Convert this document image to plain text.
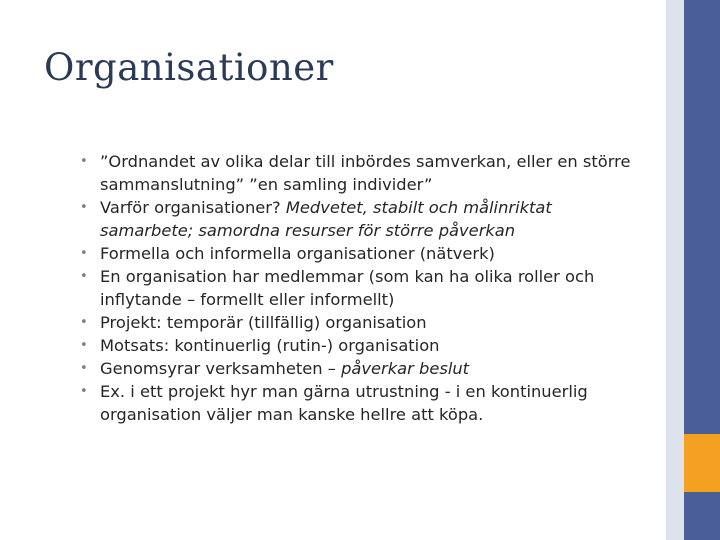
Organisationer
• ”Ordnandet av olika delar till inbördes samverkan, eller en större sammanslutning” ”en samling individer”
• Varför organisationer? Medvetet, stabilt och målinriktat samarbete; samordna resurser för större påverkan
• Formella och informella organisationer (nätverk)
• En organisation har medlemmar (som kan ha olika roller och inflytande – formellt eller informellt)
• Projekt: temporär (tillfällig) organisation
• Motsats: kontinuerlig (rutin-) organisation
• Genomsyrar verksamheten – påverkar beslut
• Ex. i ett projekt hyr man gärna utrustning - i en kontinuerlig organisation väljer man kanske hellre att köpa.
